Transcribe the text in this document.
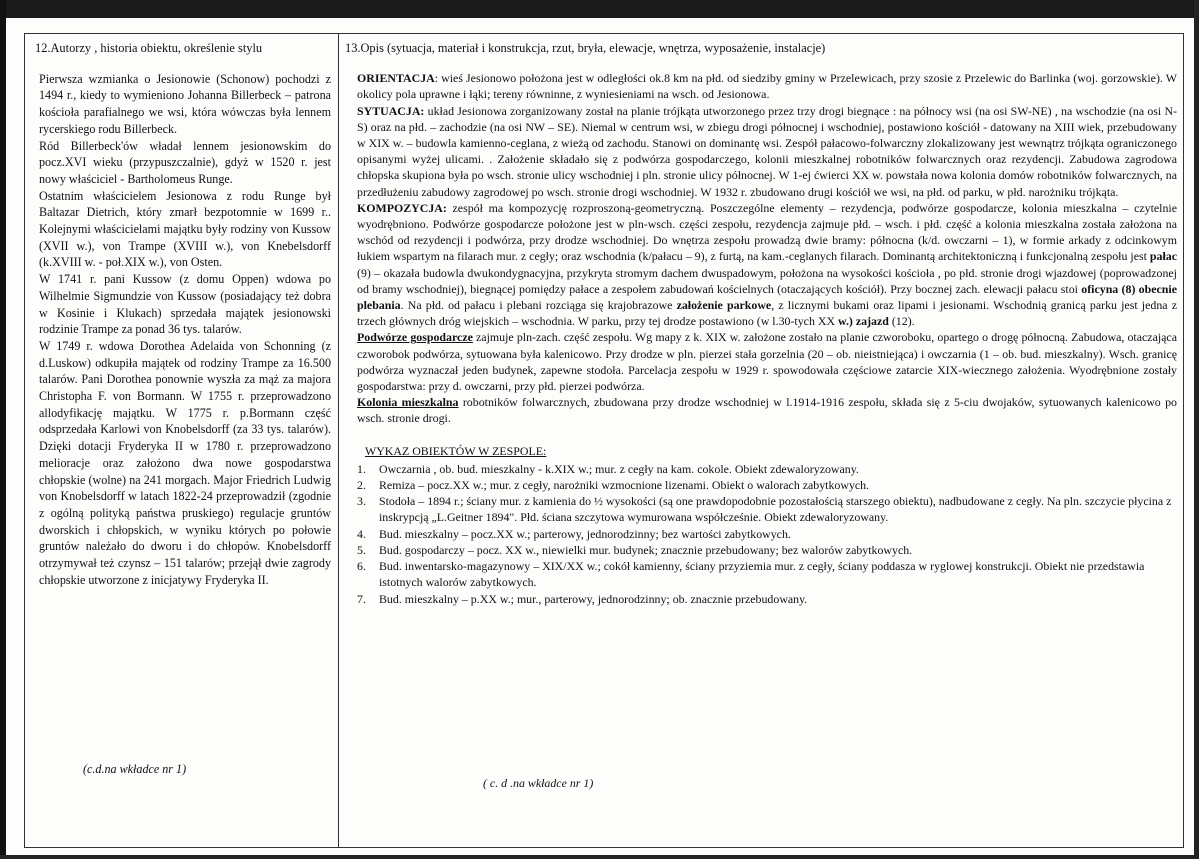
12.Autorzy , historia obiektu, określenie stylu

Pierwsza wzmianka o Jesionowie (Schonow) pochodzi z 1494 r., kiedy to wymieniono Johanna Billerbeck – patrona kościoła parafialnego we wsi, która wówczas była lennem rycerskiego rodu Billerbeck.

Ród Billerbeck'ów władał lennem jesionowskim do pocz.XVI wieku (przypuszczalnie), gdyż w 1520 r. jest nowy właściciel - Bartholomeus Runge.

Ostatnim właścicielem Jesionowa z rodu Runge był Baltazar Dietrich, który zmarł bezpotomnie w 1699 r.. Kolejnymi właścicielami majątku były rodziny von Kussow (XVII w.), von Trampe (XVIII w.), von Knebelsdorff (k.XVIII w. - poł.XIX w.), von Osten.

W 1741 r. pani Kussow (z domu Oppen) wdowa po Wilhelmie Sigmundzie von Kussow (posiadający też dobra w Kosinie i Klukach) sprzedała majątek jesionowski rodzinie Trampe za ponad 36 tys. talarów.

W 1749 r. wdowa Dorothea Adelaida von Schonning (z d.Luskow) odkupiła majątek od rodziny Trampe za 16.500 talarów. Pani Dorothea ponownie wyszła za mąż za majora Christopha F. von Bormann. W 1755 r. przeprowadzono allodyfikację majątku. W 1775 r. p.Bormann część odsprzedała Karlowi von Knobelsdorff (za 33 tys. talarów). Dzięki dotacji Fryderyka II w 1780 r. przeprowadzono melioracje oraz założono dwa nowe gospodarstwa chłopskie (wolne) na 241 morgach. Major Friedrich Ludwig von Knobelsdorff w latach 1822-24 przeprowadził (zgodnie z ogólną polityką państwa pruskiego) regulacje gruntów dworskich i chłopskich, w wyniku których po połowie gruntów należało do dworu i do chłopów. Knobelsdorff otrzymywał też czynsz – 151 talarów; przejął dwie zagrody chłopskie utworzone z inicjatywy Fryderyka II.

(c.d.na wkładce nr 1)
13.Opis (sytuacja, materiał i konstrukcja, rzut, bryła, elewacje, wnętrza, wyposażenie, instalacje)

ORIENTACJA: wieś Jesionowo położona jest w odległości ok.8 km na płd. od siedziby gminy w Przelewicach, przy szosie z Przelewic do Barlinka (woj. gorzowskie). W okolicy pola uprawne i łąki; tereny równinne, z wyniesieniami na wsch. od Jesionowa.

SYTUACJA: układ Jesionowa zorganizowany został na planie trójkąta utworzonego przez trzy drogi biegnące : na północy wsi (na osi SW-NE) , na wschodzie (na osi N-S) oraz na płd. – zachodzie (na osi NW – SE). Niemal w centrum wsi, w zbiegu drogi północnej i wschodniej, postawiono kościół - datowany na XIII wiek, przebudowany w XIX w. – budowla kamienno-ceglana, z wieżą od zachodu. Stanowi on dominantę wsi. Zespół pałacowo-folwarczny zlokalizowany jest wewnątrz trójkąta ograniczonego opisanymi wyżej ulicami. . Założenie składało się z podwórza gospodarczego, kolonii mieszkalnej robotników folwarcznych oraz rezydencji. Zabudowa zagrodowa chłopska skupiona była po wsch. stronie ulicy wschodniej i pln. stronie ulicy północnej. W 1-ej ćwierci XX w. powstała nowa kolonia domów robotników folwarcznych, na przedłużeniu zabudowy zagrodowej po wsch. stronie drogi wschodniej. W 1932 r. zbudowano drugi kościół we wsi, na płd. od parku, w płd. narożniku trójkąta.

KOMPOZYCJA: zespół ma kompozycję rozproszoną-geometryczną. Poszczególne elementy – rezydencja, podwórze gospodarcze, kolonia mieszkalna – czytelnie wyodrębniono. Podwórze gospodarcze położone jest w pln-wsch. części zespołu, rezydencja zajmuje płd. – wsch. i płd. część a kolonia mieszkalna została założona na wschód od rezydencji i podwórza, przy drodze wschodniej. Do wnętrza zespołu prowadzą dwie bramy: północna (k/d. owczarni – 1), w formie arkady z odcinkowym łukiem wspartym na filarach mur. z cegły; oraz wschodnia (k/pałacu – 9), z furtą, na kam.-ceglanych filarach. Dominantą architektoniczną i funkcjonalną zespołu jest pałac (9) – okazała budowla dwukondygnacyjna, przykryta stromym dachem dwuspadowym, położona na wysokości kościoła , po płd. stronie drogi wjazdowej (poprowadzonej od bramy wschodniej), biegnącej pomiędzy pałace a zespołem zabudowań kościelnych (otaczających kościół). Przy bocznej zach. elewacji pałacu stoi oficyna (8) obecnie plebania. Na płd. od pałacu i plebani rozciąga się krajobrazowe założenie parkowe, z licznymi bukami oraz lipami i jesionami. Wschodnią granicą parku jest jedna z trzech głównych dróg wiejskich – wschodnia. W parku, przy tej drodze postawiono (w l.30-tych XX w.) zajazd (12).

Podwórze gospodarcze zajmuje pln-zach. część zespołu. Wg mapy z k. XIX w. założone zostało na planie czworoboku, opartego o drogę północną. Zabudowa, otaczająca czworobok podwórza, sytuowana była kalenicowo. Przy drodze w pln. pierzei stała gorzelnia (20 – ob. nieistniejąca) i owczarnia (1 – ob. bud. mieszkalny). Wsch. granicę podwórza wyznaczał jeden budynek, zapewne stodoła. Parcelacja zespołu w 1929 r. spowodowała częściowe zatarcie XIX-wiecznego założenia. Wyodrębnione zostały gospodarstwa: przy d. owczarni, przy płd. pierzei podwórza.

Kolonia mieszkalna robotników folwarcznych, zbudowana przy drodze wschodniej w l.1914-1916 zespołu, składa się z 5-ciu dwojaków, sytuowanych kalenicowo po wsch. stronie drogi.

WYKAZ OBIEKTÓW W ZESPOLE:
1.	Owczarnia , ob. bud. mieszkalny - k.XIX w.; mur. z cegły na kam. cokole. Obiekt zdewaloryzowany.
2.	Remiza – pocz.XX w.; mur. z cegły, narożniki wzmocnione lizenami. Obiekt o walorach zabytkowych.
3.	Stodoła – 1894 r.; ściany mur. z kamienia do ½ wysokości (są one prawdopodobnie pozostałością starszego obiektu), nadbudowane z cegły. Na pln. szczycie płycina z inskrypcją „L.Geitner 1894". Płd. ściana szczytowa wymurowana współcześnie. Obiekt zdewaloryzowany.
4.	Bud. mieszkalny – pocz.XX w.; parterowy, jednorodzinny; bez wartości zabytkowych.
5.	Bud. gospodarczy – pocz. XX w., niewielki mur. budynek; znacznie przebudowany; bez walorów zabytkowych.
6.	Bud. inwentarsko-magazynowy – XIX/XX w.; cokół kamienny, ściany przyziemia mur. z cegły, ściany poddasza w ryglowej konstrukcji. Obiekt nie przedstawia istotnych walorów zabytkowych.
7.	Bud. mieszkalny – p.XX w.; mur., parterowy, jednorodzinny; ob. znacznie przebudowany.
( c. d .na wkładce nr 1)
